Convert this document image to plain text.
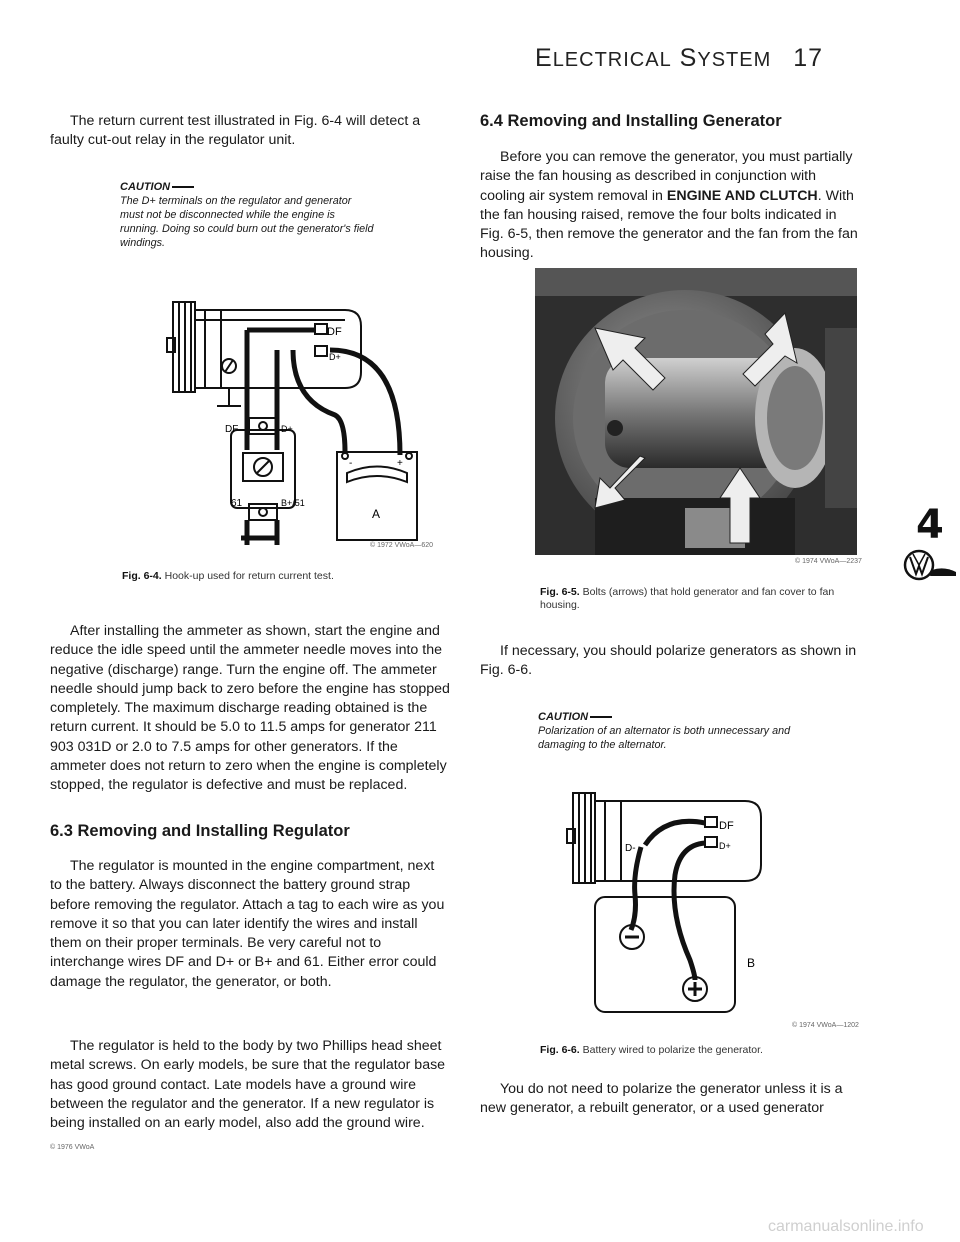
ELECTRICAL SYSTEM 17

The return current test illustrated in Fig. 6-4 will detect a faulty cut-out relay in the regulator unit.

CAUTION
The D+ terminals on the regulator and generator must not be disconnected while the engine is running. Doing so could burn out the generator's field windings.
DF
D+
DF	D+
61	B+/51
-	+
A
© 1972 VWoA—620
Fig. 6-4. Hook-up used for return current test.

After installing the ammeter as shown, start the engine and reduce the idle speed until the ammeter needle moves into the negative (discharge) range. Turn the engine off. The ammeter needle should jump back to zero before the engine has stopped completely. The maximum discharge reading obtained is the return current. It should be 5.0 to 11.5 amps for generator 211 903 031D or 2.0 to 7.5 amps for other generators. If the ammeter does not return to zero when the engine is completely stopped, the regulator is defective and must be replaced.

6.3 Removing and Installing Regulator

The regulator is mounted in the engine compartment, next to the battery. Always disconnect the battery ground strap before removing the regulator. Attach a tag to each wire as you remove it so that you can later identify the wires and install them on their proper terminals. Be very careful not to interchange wires DF and D+ or B+ and 61. Either error could damage the regulator, the generator, or both.

The regulator is held to the body by two Phillips head sheet metal screws. On early models, be sure that the regulator base has good ground contact. Late models have a ground wire between the regulator and the generator. If a new regulator is being installed on an early model, also add the ground wire.

© 1976 VWoA
6.4 Removing and Installing Generator

Before you can remove the generator, you must partially raise the fan housing as described in conjunction with cooling air system removal in ENGINE AND CLUTCH. With the fan housing raised, remove the four bolts indicated in Fig. 6-5, then remove the generator and the fan from the fan housing.

© 1974 VWoA—2237
Fig. 6-5. Bolts (arrows) that hold generator and fan cover to fan housing.

If necessary, you should polarize generators as shown in Fig. 6-6.

CAUTION
Polarization of an alternator is both unnecessary and damaging to the alternator.
DF
D+
D-
B
© 1974 VWoA—1202
Fig. 6-6. Battery wired to polarize the generator.

You do not need to polarize the generator unless it is a new generator, a rebuilt generator, or a used generator

4
carmanualsonline.info
